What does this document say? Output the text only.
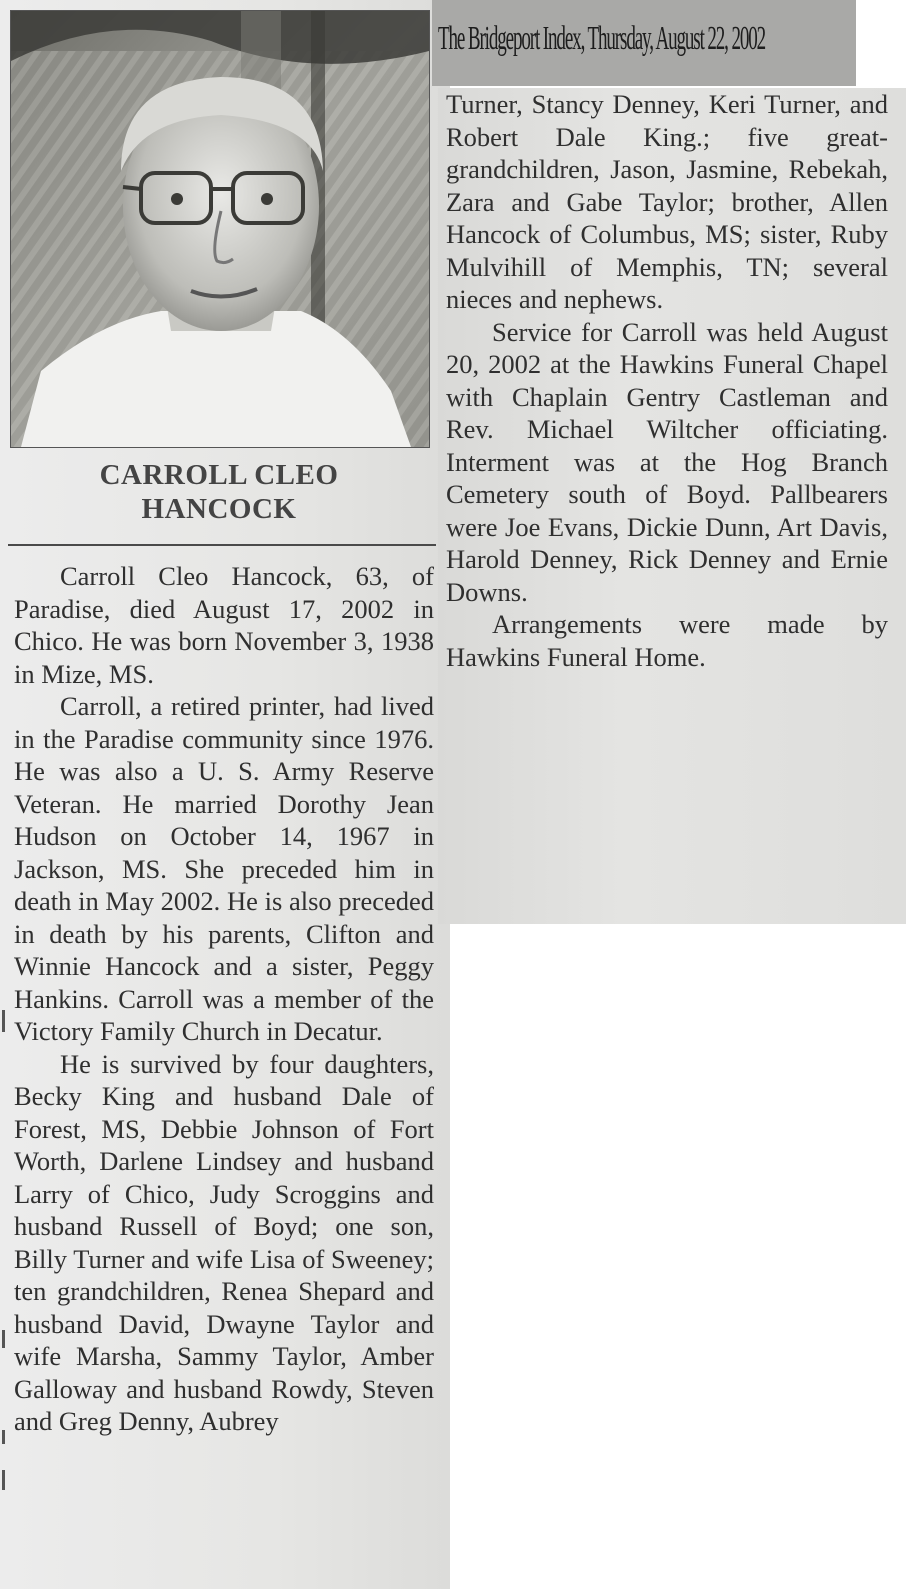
The Bridgeport Index, Thursday, August 22, 2002
CARROLL CLEO
HANCOCK

Carroll Cleo Hancock, 63, of Paradise, died August 17, 2002 in Chico. He was born November 3, 1938 in Mize, MS.

Carroll, a retired printer, had lived in the Paradise community since 1976. He was also a U. S. Army Reserve Veteran. He married Dorothy Jean Hudson on October 14, 1967 in Jackson, MS. She preceded him in death in May 2002. He is also preceded in death by his parents, Clifton and Winnie Hancock and a sister, Peggy Hankins. Carroll was a member of the Victory Family Church in Decatur.

He is survived by four daughters, Becky King and husband Dale of Forest, MS, Debbie Johnson of Fort Worth, Darlene Lindsey and husband Larry of Chico, Judy Scroggins and husband Russell of Boyd; one son, Billy Turner and wife Lisa of Sweeney; ten grandchildren, Renea Shepard and husband David, Dwayne Taylor and wife Marsha, Sammy Taylor, Amber Galloway and husband Rowdy, Steven and Greg Denny, Aubrey

Turner, Stancy Denney, Keri Turner, and Robert Dale King.; five great-grandchildren, Jason, Jasmine, Rebekah, Zara and Gabe Taylor; brother, Allen Hancock of Columbus, MS; sister, Ruby Mulvihill of Memphis, TN; several nieces and nephews.

Service for Carroll was held August 20, 2002 at the Hawkins Funeral Chapel with Chaplain Gentry Castleman and Rev. Michael Wiltcher officiating. Interment was at the Hog Branch Cemetery south of Boyd. Pallbearers were Joe Evans, Dickie Dunn, Art Davis, Harold Denney, Rick Denney and Ernie Downs.

Arrangements were made by Hawkins Funeral Home.
